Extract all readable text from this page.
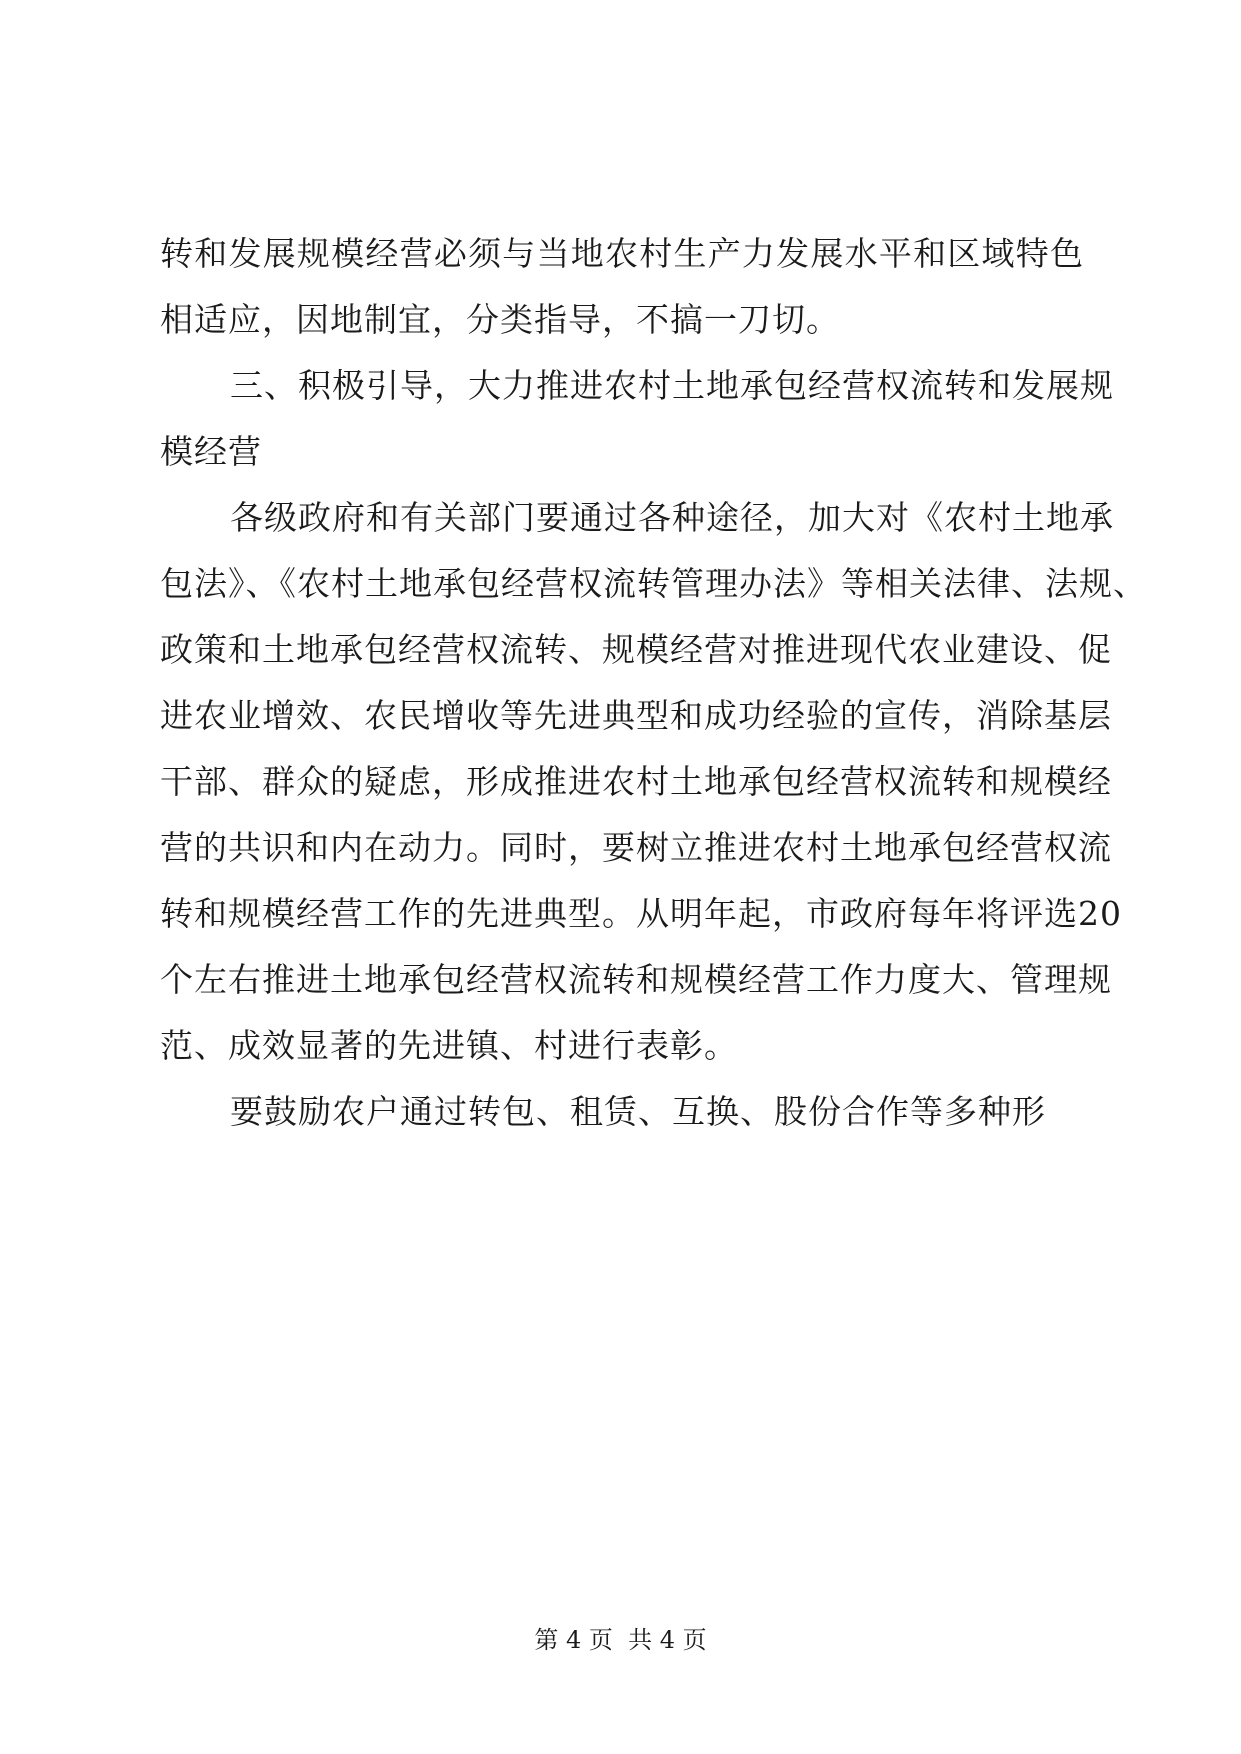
转和发展规模经营必须与当地农村生产力发展水平和区域特色
相适应，因地制宜，分类指导，不搞一刀切。
三、积极引导，大力推进农村土地承包经营权流转和发展规
模经营
各级政府和有关部门要通过各种途径，加大对《农村土地承
包法》、《农村土地承包经营权流转管理办法》等相关法律、法规、
政策和土地承包经营权流转、规模经营对推进现代农业建设、促
进农业增效、农民增收等先进典型和成功经验的宣传，消除基层
干部、群众的疑虑，形成推进农村土地承包经营权流转和规模经
营的共识和内在动力。同时，要树立推进农村土地承包经营权流
转和规模经营工作的先进典型。从明年起，市政府每年将评选20
个左右推进土地承包经营权流转和规模经营工作力度大、管理规
范、成效显著的先进镇、村进行表彰。
要鼓励农户通过转包、租赁、互换、股份合作等多种形
第 4 页  共 4 页
